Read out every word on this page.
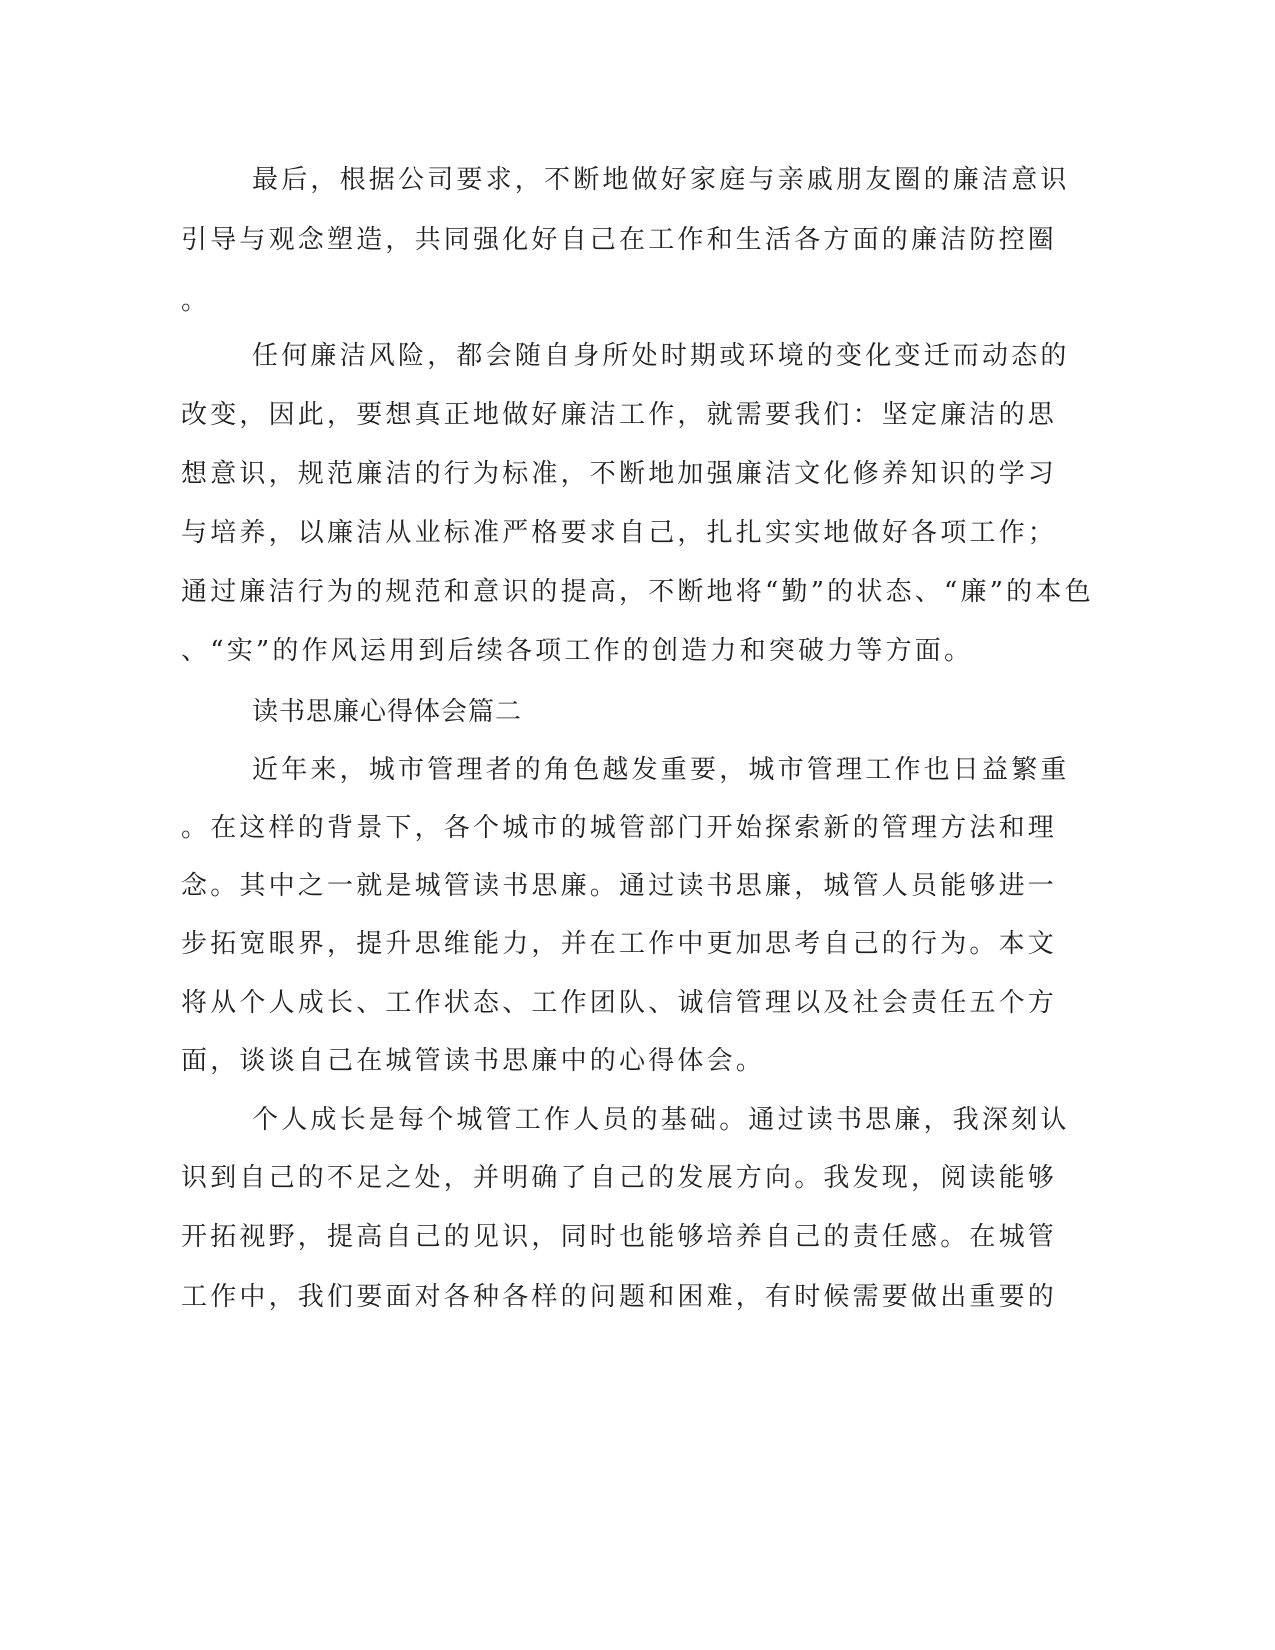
最后，根据公司要求，不断地做好家庭与亲戚朋友圈的廉洁意识
引导与观念塑造，共同强化好自己在工作和生活各方面的廉洁防控圈
。
任何廉洁风险，都会随自身所处时期或环境的变化变迁而动态的
改变，因此，要想真正地做好廉洁工作，就需要我们：坚定廉洁的思
想意识，规范廉洁的行为标准，不断地加强廉洁文化修养知识的学习
与培养，以廉洁从业标准严格要求自己，扎扎实实地做好各项工作；
通过廉洁行为的规范和意识的提高，不断地将“勤”的状态、“廉”的本色
、“实”的作风运用到后续各项工作的创造力和突破力等方面。
读书思廉心得体会篇二
近年来，城市管理者的角色越发重要，城市管理工作也日益繁重
。在这样的背景下，各个城市的城管部门开始探索新的管理方法和理
念。其中之一就是城管读书思廉。通过读书思廉，城管人员能够进一
步拓宽眼界，提升思维能力，并在工作中更加思考自己的行为。本文
将从个人成长、工作状态、工作团队、诚信管理以及社会责任五个方
面，谈谈自己在城管读书思廉中的心得体会。
个人成长是每个城管工作人员的基础。通过读书思廉，我深刻认
识到自己的不足之处，并明确了自己的发展方向。我发现，阅读能够
开拓视野，提高自己的见识，同时也能够培养自己的责任感。在城管
工作中，我们要面对各种各样的问题和困难，有时候需要做出重要的
